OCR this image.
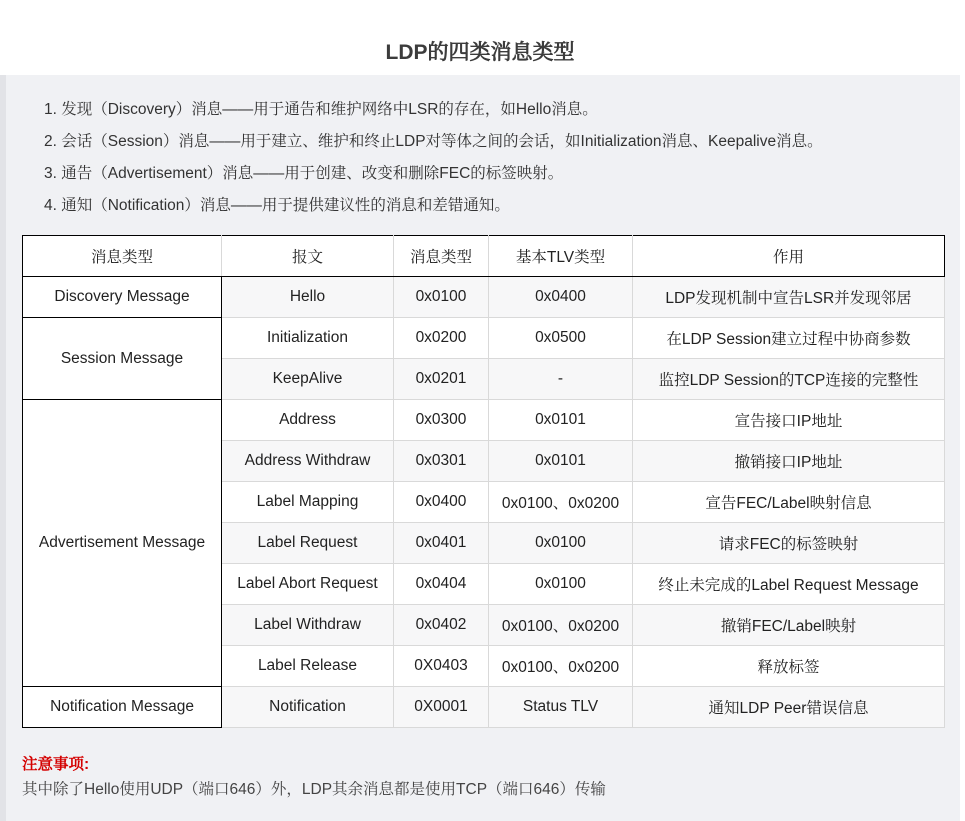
LDP的四类消息类型
1. 发现（Discovery）消息——用于通告和维护网络中LSR的存在，如Hello消息。
2. 会话（Session）消息——用于建立、维护和终止LDP对等体之间的会话，如Initialization消息、Keepalive消息。
3. 通告（Advertisement）消息——用于创建、改变和删除FEC的标签映射。
4. 通知（Notification）消息——用于提供建议性的消息和差错通知。
消息类型	报文	消息类型	基本TLV类型	作用
Discovery Message	Hello	0x0100	0x0400	LDP发现机制中宣告LSR并发现邻居
Session Message	Initialization	0x0200	0x0500	在LDP Session建立过程中协商参数
	KeepAlive	0x0201	-	监控LDP Session的TCP连接的完整性
Advertisement Message	Address	0x0300	0x0101	宣告接口IP地址
	Address Withdraw	0x0301	0x0101	撤销接口IP地址
	Label Mapping	0x0400	0x0100、0x0200	宣告FEC/Label映射信息
	Label Request	0x0401	0x0100	请求FEC的标签映射
	Label Abort Request	0x0404	0x0100	终止未完成的Label Request Message
	Label Withdraw	0x0402	0x0100、0x0200	撤销FEC/Label映射
	Label Release	0X0403	0x0100、0x0200	释放标签
Notification Message	Notification	0X0001	Status TLV	通知LDP Peer错误信息

注意事项:

其中除了Hello使用UDP（端口646）外，LDP其余消息都是使用TCP（端口646）传输
